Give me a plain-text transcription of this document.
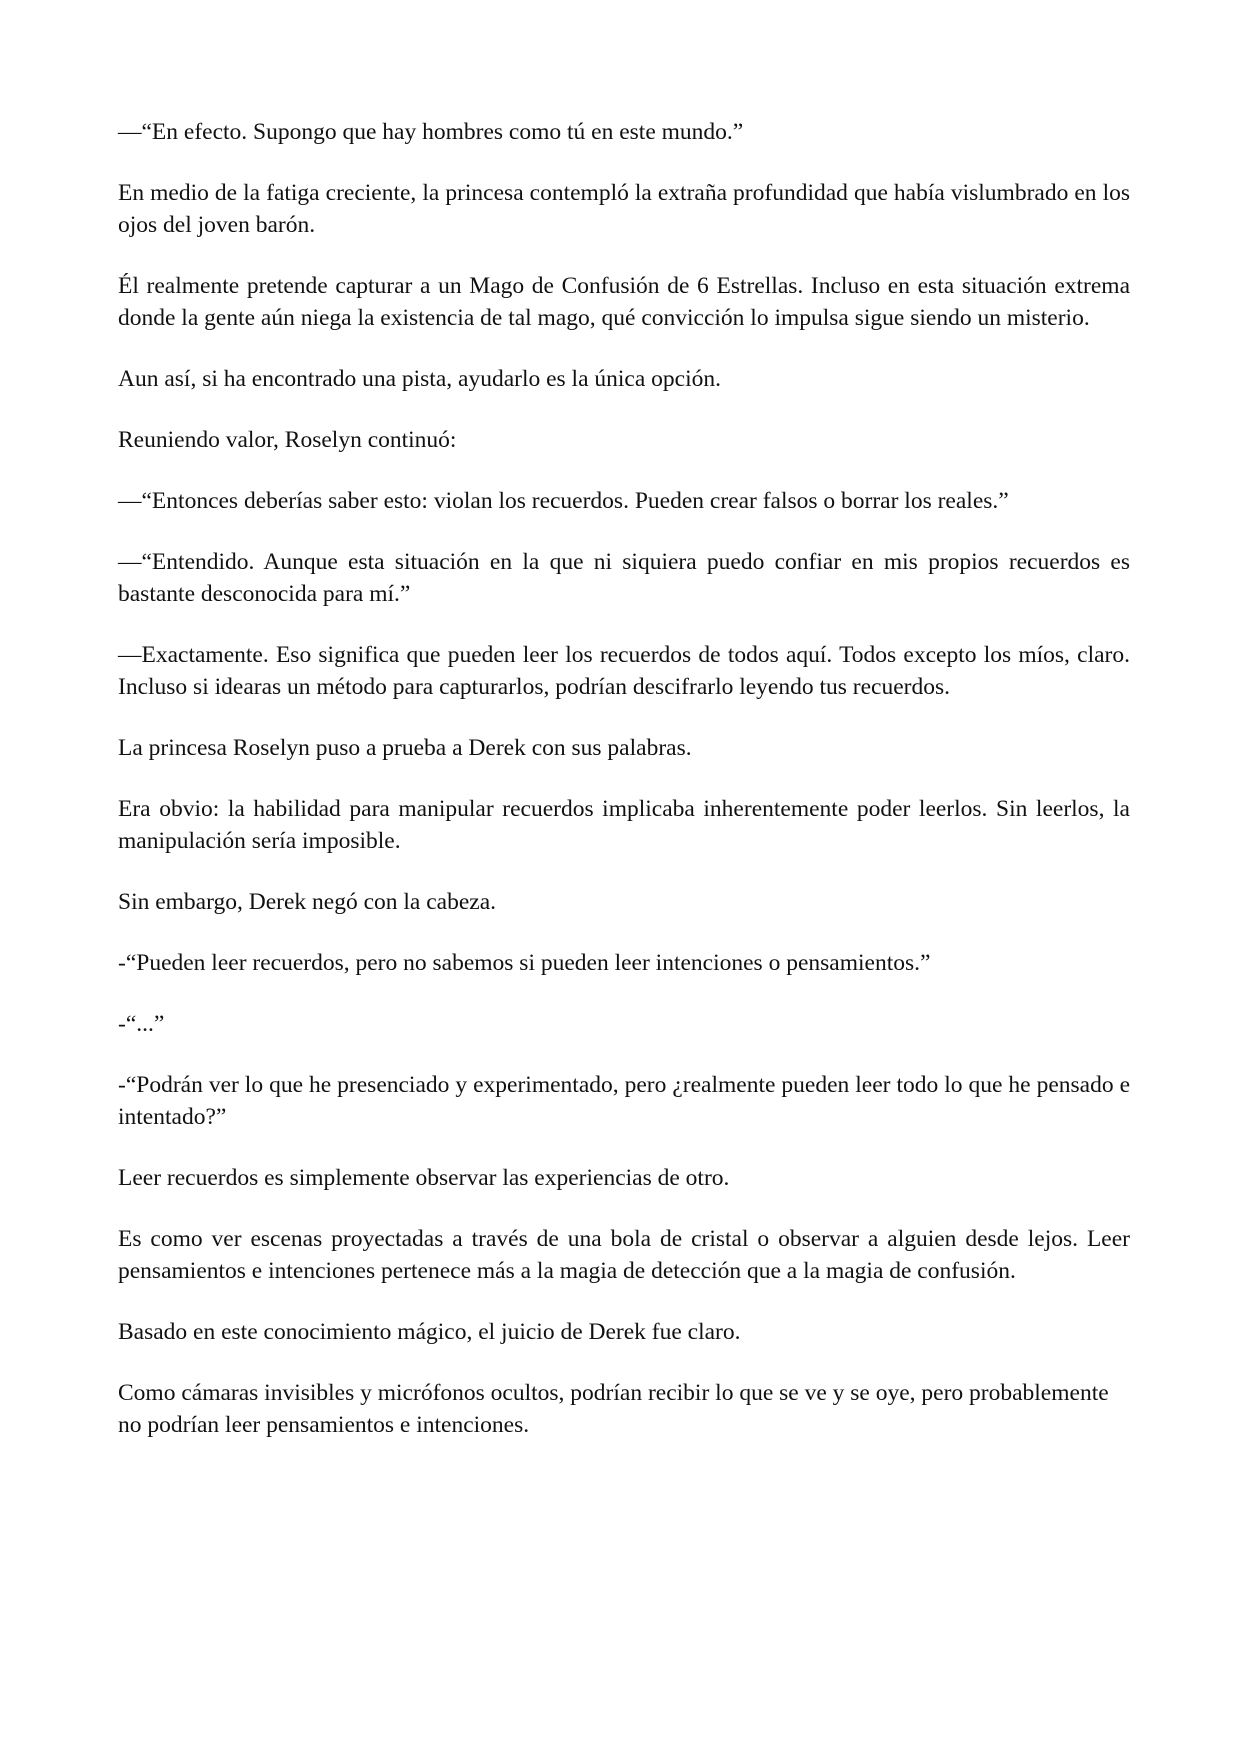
—“En efecto. Supongo que hay hombres como tú en este mundo.”

En medio de la fatiga creciente, la princesa contempló la extraña profundidad que había vislumbrado en los ojos del joven barón.

Él realmente pretende capturar a un Mago de Confusión de 6 Estrellas. Incluso en esta situación extrema donde la gente aún niega la existencia de tal mago, qué convicción lo impulsa sigue siendo un misterio.

Aun así, si ha encontrado una pista, ayudarlo es la única opción.

Reuniendo valor, Roselyn continuó:

—“Entonces deberías saber esto: violan los recuerdos. Pueden crear falsos o borrar los reales.”

—“Entendido. Aunque esta situación en la que ni siquiera puedo confiar en mis propios recuerdos es bastante desconocida para mí.”

—Exactamente. Eso significa que pueden leer los recuerdos de todos aquí. Todos excepto los míos, claro. Incluso si idearas un método para capturarlos, podrían descifrarlo leyendo tus recuerdos.

La princesa Roselyn puso a prueba a Derek con sus palabras.

Era obvio: la habilidad para manipular recuerdos implicaba inherentemente poder leerlos. Sin leerlos, la manipulación sería imposible.

Sin embargo, Derek negó con la cabeza.

-“Pueden leer recuerdos, pero no sabemos si pueden leer intenciones o pensamientos.”

-“...”

-“Podrán ver lo que he presenciado y experimentado, pero ¿realmente pueden leer todo lo que he pensado e intentado?”

Leer recuerdos es simplemente observar las experiencias de otro.

Es como ver escenas proyectadas a través de una bola de cristal o observar a alguien desde lejos. Leer pensamientos e intenciones pertenece más a la magia de detección que a la magia de confusión.

Basado en este conocimiento mágico, el juicio de Derek fue claro.

Como cámaras invisibles y micrófonos ocultos, podrían recibir lo que se ve y se oye, pero probablemente no podrían leer pensamientos e intenciones.
